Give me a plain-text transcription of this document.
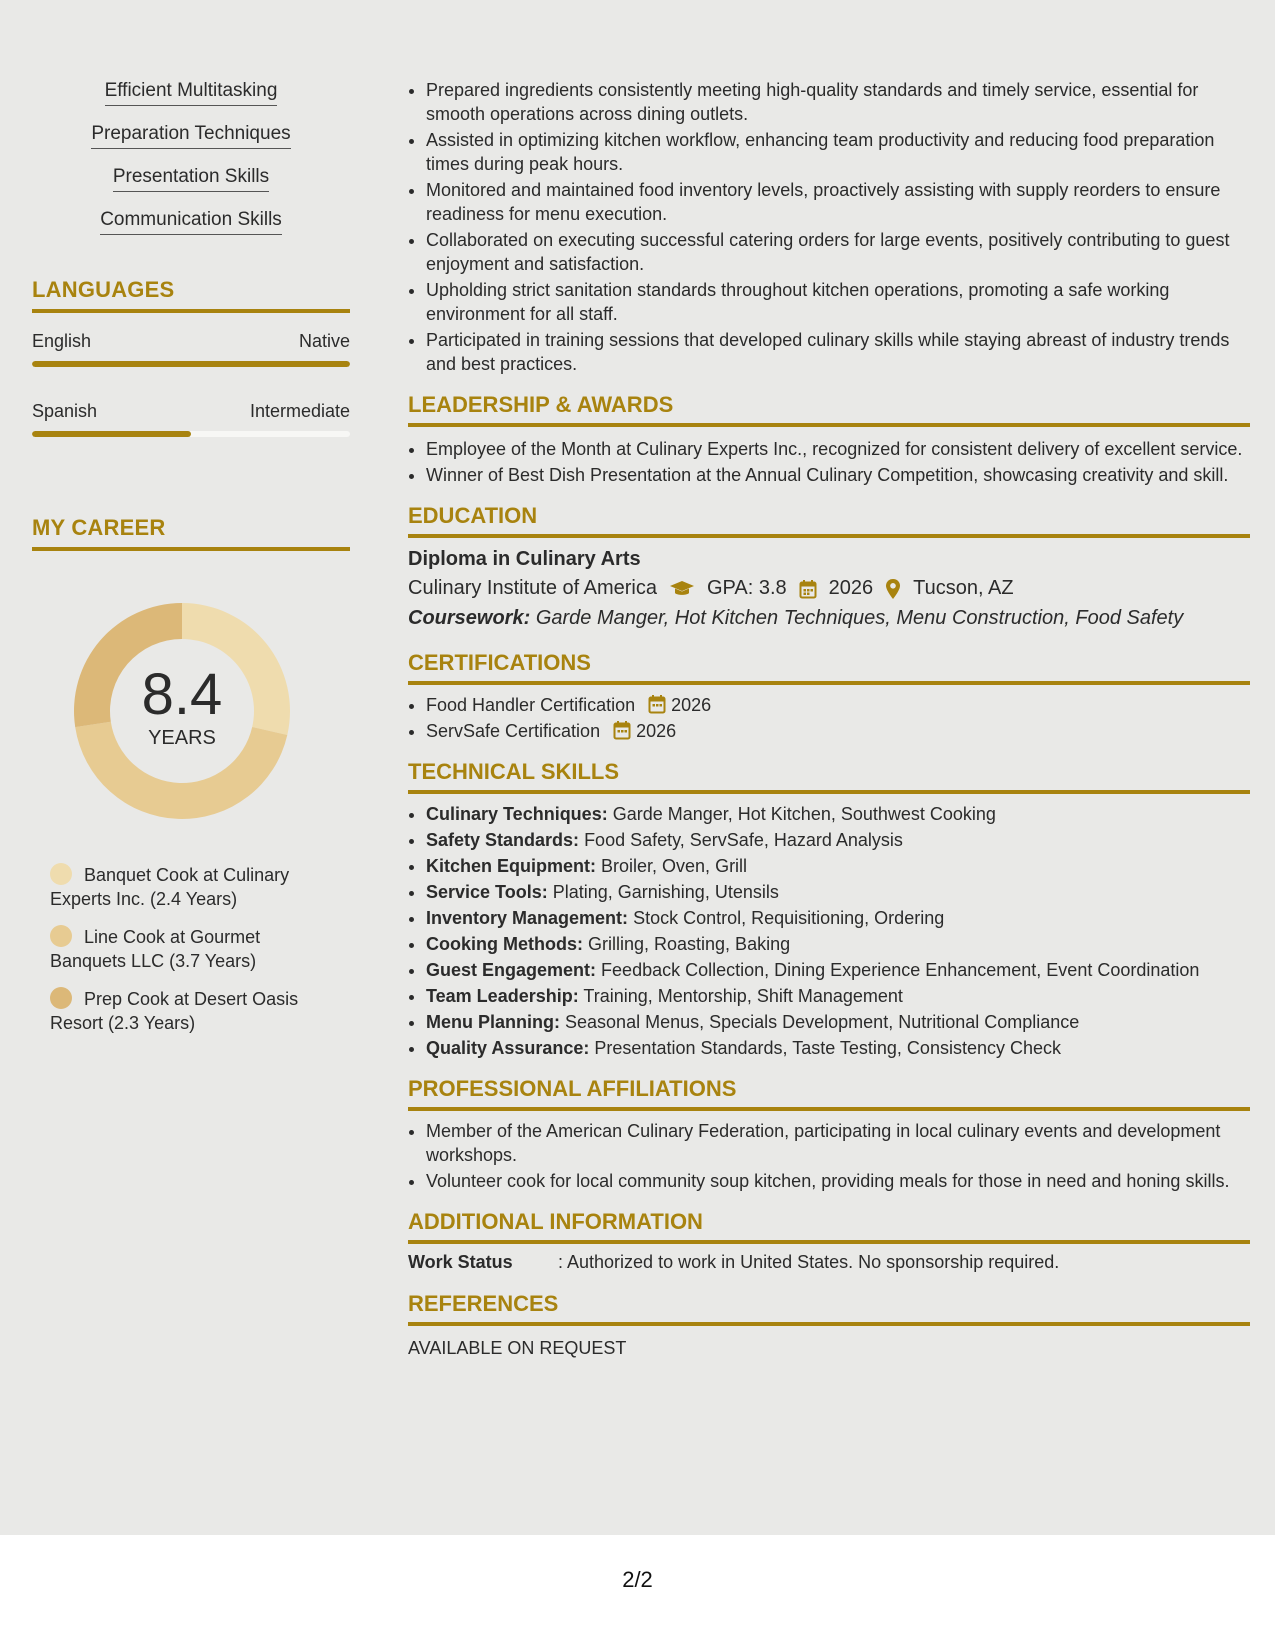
Efficient Multitasking
Preparation Techniques
Presentation Skills
Communication Skills
LANGUAGES
English	Native
Spanish	Intermediate
MY CAREER
8.4
YEARS
Banquet Cook at Culinary Experts Inc. (2.4 Years)
Line Cook at Gourmet Banquets LLC (3.7 Years)
Prep Cook at Desert Oasis Resort (2.3 Years)
• Prepared ingredients consistently meeting high-quality standards and timely service, essential for smooth operations across dining outlets.
• Assisted in optimizing kitchen workflow, enhancing team productivity and reducing food preparation times during peak hours.
• Monitored and maintained food inventory levels, proactively assisting with supply reorders to ensure readiness for menu execution.
• Collaborated on executing successful catering orders for large events, positively contributing to guest enjoyment and satisfaction.
• Upholding strict sanitation standards throughout kitchen operations, promoting a safe working environment for all staff.
• Participated in training sessions that developed culinary skills while staying abreast of industry trends and best practices.
LEADERSHIP & AWARDS
• Employee of the Month at Culinary Experts Inc., recognized for consistent delivery of excellent service.
• Winner of Best Dish Presentation at the Annual Culinary Competition, showcasing creativity and skill.
EDUCATION
Diploma in Culinary Arts
Culinary Institute of America	GPA: 3.8 2026 Tucson, AZ
Coursework: Garde Manger, Hot Kitchen Techniques, Menu Construction, Food Safety
CERTIFICATIONS
• Food Handler Certification 2026
• ServSafe Certification 2026
TECHNICAL SKILLS
• Culinary Techniques: Garde Manger, Hot Kitchen, Southwest Cooking
• Safety Standards: Food Safety, ServSafe, Hazard Analysis
• Kitchen Equipment: Broiler, Oven, Grill
• Service Tools: Plating, Garnishing, Utensils
• Inventory Management: Stock Control, Requisitioning, Ordering
• Cooking Methods: Grilling, Roasting, Baking
• Guest Engagement: Feedback Collection, Dining Experience Enhancement, Event Coordination
• Team Leadership: Training, Mentorship, Shift Management
• Menu Planning: Seasonal Menus, Specials Development, Nutritional Compliance
• Quality Assurance: Presentation Standards, Taste Testing, Consistency Check
PROFESSIONAL AFFILIATIONS
• Member of the American Culinary Federation, participating in local culinary events and development workshops.
• Volunteer cook for local community soup kitchen, providing meals for those in need and honing skills.
ADDITIONAL INFORMATION
Work Status	: Authorized to work in United States. No sponsorship required.
REFERENCES
AVAILABLE ON REQUEST
2/2
